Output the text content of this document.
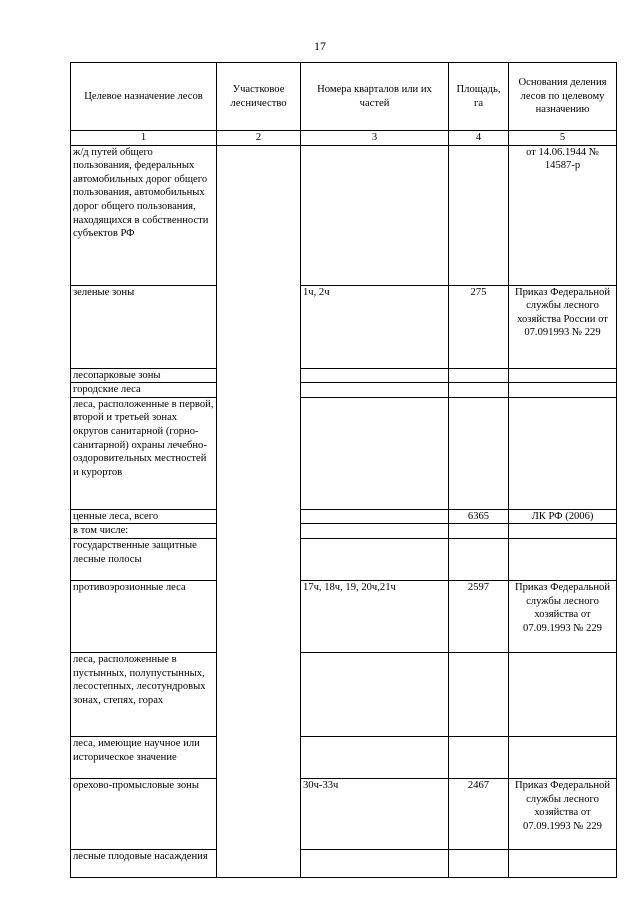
17
Целевое назначение лесов	Участковое лесничество	Номера кварталов или их частей	Площадь, га	Основания деления лесов по целевому назначению
1	2	3	4	5
ж/д путей общего пользования, федеральных автомобильных дорог общего пользования, автомобильных дорог общего пользования, находящихся в собственности субъектов РФ				от 14.06.1944 № 14587-р
зеленые зоны		1ч, 2ч	275	Приказ Федеральной службы лесного хозяйства России от 07.091993 № 229
лесопарковые зоны				
городские леса				
леса, расположенные в первой, второй и третьей зонах округов санитарной (горно-санитарной) охраны лечебно-оздоровительных местностей и курортов				
ценные леса, всего			6365	ЛК РФ (2006)
в том числе:				
государственные защитные лесные полосы				
противоэрозионные леса		17ч, 18ч, 19, 20ч,21ч	2597	Приказ Федеральной службы лесного хозяйства от 07.09.1993 № 229
леса, расположенные в пустынных, полупустынных, лесостепных, лесотундровых зонах, степях, горах				
леса, имеющие научное или историческое значение				
орехово-промысловые зоны		30ч-33ч	2467	Приказ Федеральной службы лесного хозяйства от 07.09.1993 № 229
лесные плодовые насаждения				
